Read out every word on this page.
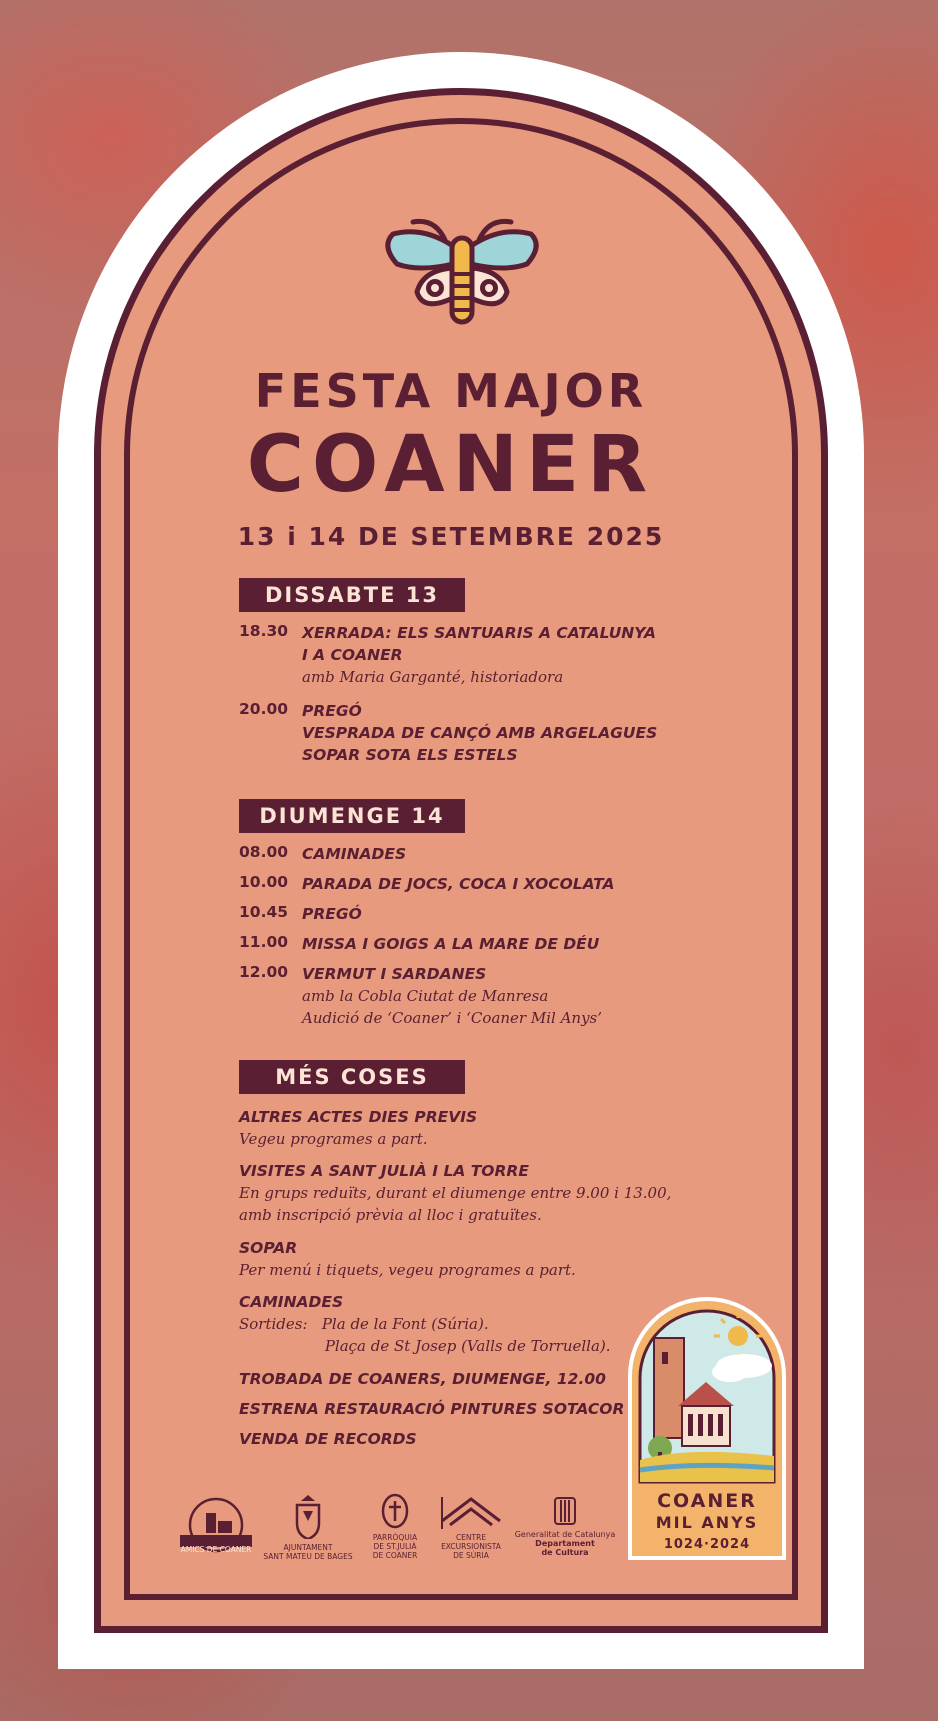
FESTA MAJOR
COANER
13 i 14 DE SETEMBRE 2025
DISSABTE 13
18.30 XERRADA: ELS SANTUARIS A CATALUNYA
I A COANER
amb Maria Garganté, historiadora
20.00 PREGÓ
VESPRADA DE CANÇÓ AMB ARGELAGUES
SOPAR SOTA ELS ESTELS
DIUMENGE 14
08.00 CAMINADES
10.00 PARADA DE JOCS, COCA I XOCOLATA
10.45 PREGÓ
11.00 MISSA I GOIGS A LA MARE DE DÉU
12.00 VERMUT I SARDANES
amb la Cobla Ciutat de Manresa
Audició de ‘Coaner’ i ‘Coaner Mil Anys’
MÉS COSES
ALTRES ACTES DIES PREVIS
Vegeu programes a part.
VISITES A SANT JULIÀ I LA TORRE
En grups reduïts, durant el diumenge entre 9.00 i 13.00,
amb inscripció prèvia al lloc i gratuïtes.
SOPAR
Per menú i tiquets, vegeu programes a part.
CAMINADES
Sortides:   Pla de la Font (Súria).
Plaça de St Josep (Valls de Torruella).
TROBADA DE COANERS, DIUMENGE, 12.00
ESTRENA RESTAURACIÓ PINTURES SOTACOR
VENDA DE RECORDS
COANER
MIL ANYS
1024·2024
AMICS DE COANER	AJUNTAMENT
SANT MATEU DE BAGES
PARRÒQUIA
DE ST.JULIÀ
DE COANER
CENTRE
EXCURSIONISTA
DE SÚRIA
Generalitat de Catalunya
Departament
de Cultura
